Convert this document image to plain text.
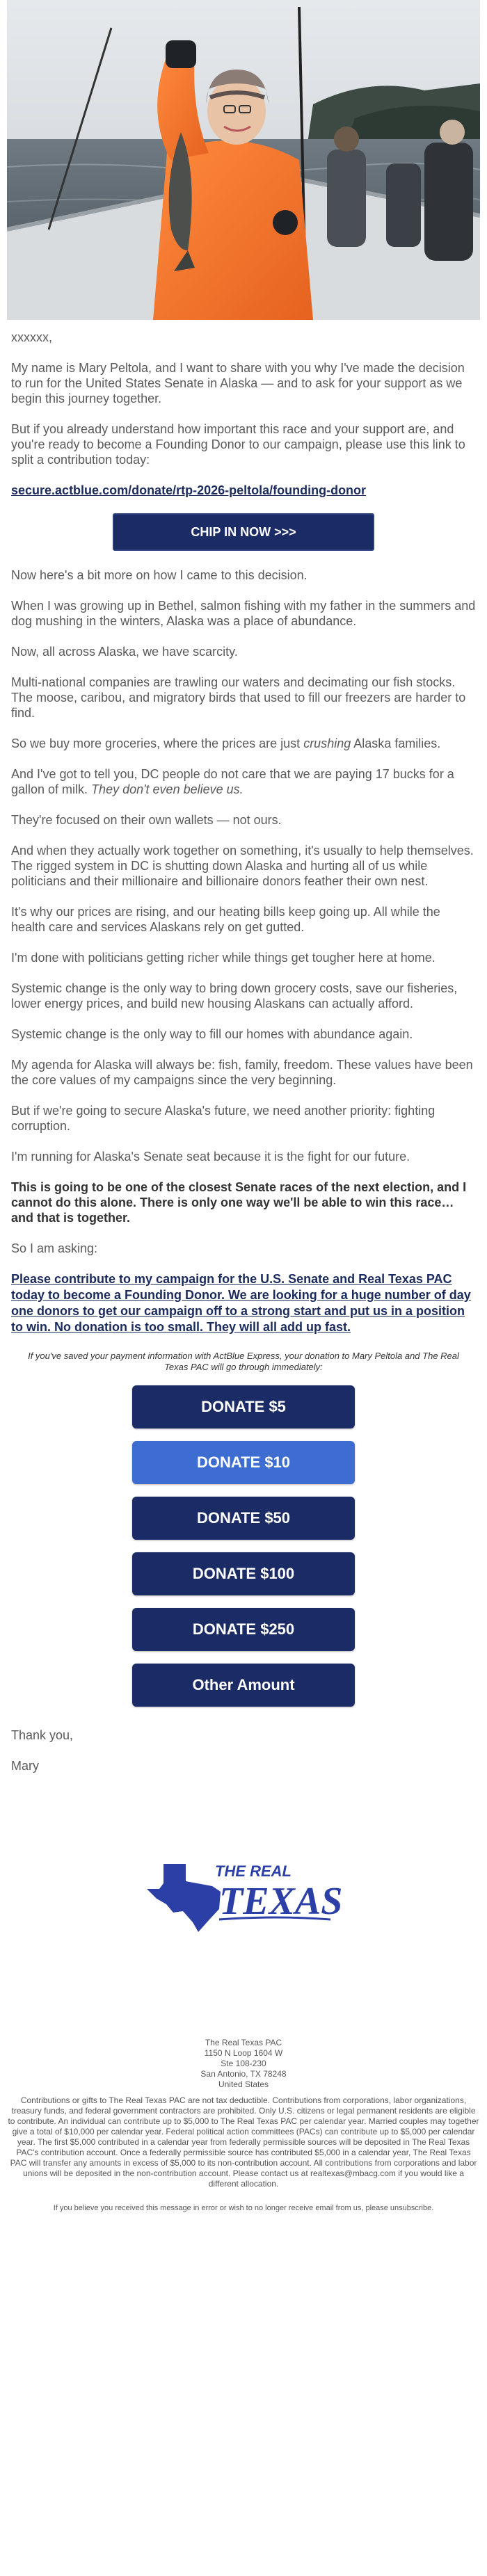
xxxxxx,

My name is Mary Peltola, and I want to share with you why I've made the decision to run for the United States Senate in Alaska — and to ask for your support as we begin this journey together.

But if you already understand how important this race and your support are, and you're ready to become a Founding Donor to our campaign, please use this link to split a contribution today:

secure.actblue.com/donate/rtp-2026-peltola/founding-donor

CHIP IN NOW >>>

Now here's a bit more on how I came to this decision.

When I was growing up in Bethel, salmon fishing with my father in the summers and dog mushing in the winters, Alaska was a place of abundance.

Now, all across Alaska, we have scarcity.

Multi-national companies are trawling our waters and decimating our fish stocks. The moose, caribou, and migratory birds that used to fill our freezers are harder to find.

So we buy more groceries, where the prices are just crushing Alaska families.

And I've got to tell you, DC people do not care that we are paying 17 bucks for a gallon of milk. They don't even believe us.

They're focused on their own wallets — not ours.

And when they actually work together on something, it's usually to help themselves. The rigged system in DC is shutting down Alaska and hurting all of us while politicians and their millionaire and billionaire donors feather their own nest.

It's why our prices are rising, and our heating bills keep going up. All while the health care and services Alaskans rely on get gutted.

I'm done with politicians getting richer while things get tougher here at home.

Systemic change is the only way to bring down grocery costs, save our fisheries, lower energy prices, and build new housing Alaskans can actually afford.

Systemic change is the only way to fill our homes with abundance again.

My agenda for Alaska will always be: fish, family, freedom. These values have been the core values of my campaigns since the very beginning.

But if we're going to secure Alaska's future, we need another priority: fighting corruption.

I'm running for Alaska's Senate seat because it is the fight for our future.

This is going to be one of the closest Senate races of the next election, and I cannot do this alone. There is only one way we'll be able to win this race… and that is together.

So I am asking:

Please contribute to my campaign for the U.S. Senate and Real Texas PAC today to become a Founding Donor. We are looking for a huge number of day one donors to get our campaign off to a strong start and put us in a position to win. No donation is too small. They will all add up fast.

If you've saved your payment information with ActBlue Express, your donation to Mary Peltola and The Real Texas PAC will go through immediately:

DONATE $5
DONATE $10
DONATE $50
DONATE $100
DONATE $250
Other Amount

Thank you,

Mary

THE REAL
TEXAS
The Real Texas PAC
1150 N Loop 1604 W
Ste 108-230
San Antonio, TX 78248
United States
Contributions or gifts to The Real Texas PAC are not tax deductible. Contributions from corporations, labor organizations, treasury funds, and federal government contractors are prohibited. Only U.S. citizens or legal permanent residents are eligible to contribute. An individual can contribute up to $5,000 to The Real Texas PAC per calendar year. Married couples may together give a total of $10,000 per calendar year. Federal political action committees (PACs) can contribute up to $5,000 per calendar year. The first $5,000 contributed in a calendar year from federally permissible sources will be deposited in The Real Texas PAC's contribution account. Once a federally permissible source has contributed $5,000 in a calendar year, The Real Texas PAC will transfer any amounts in excess of $5,000 to its non-contribution account. All contributions from corporations and labor unions will be deposited in the non-contribution account. Please contact us at realtexas@mbacg.com if you would like a different allocation.
If you believe you received this message in error or wish to no longer receive email from us, please unsubscribe.
